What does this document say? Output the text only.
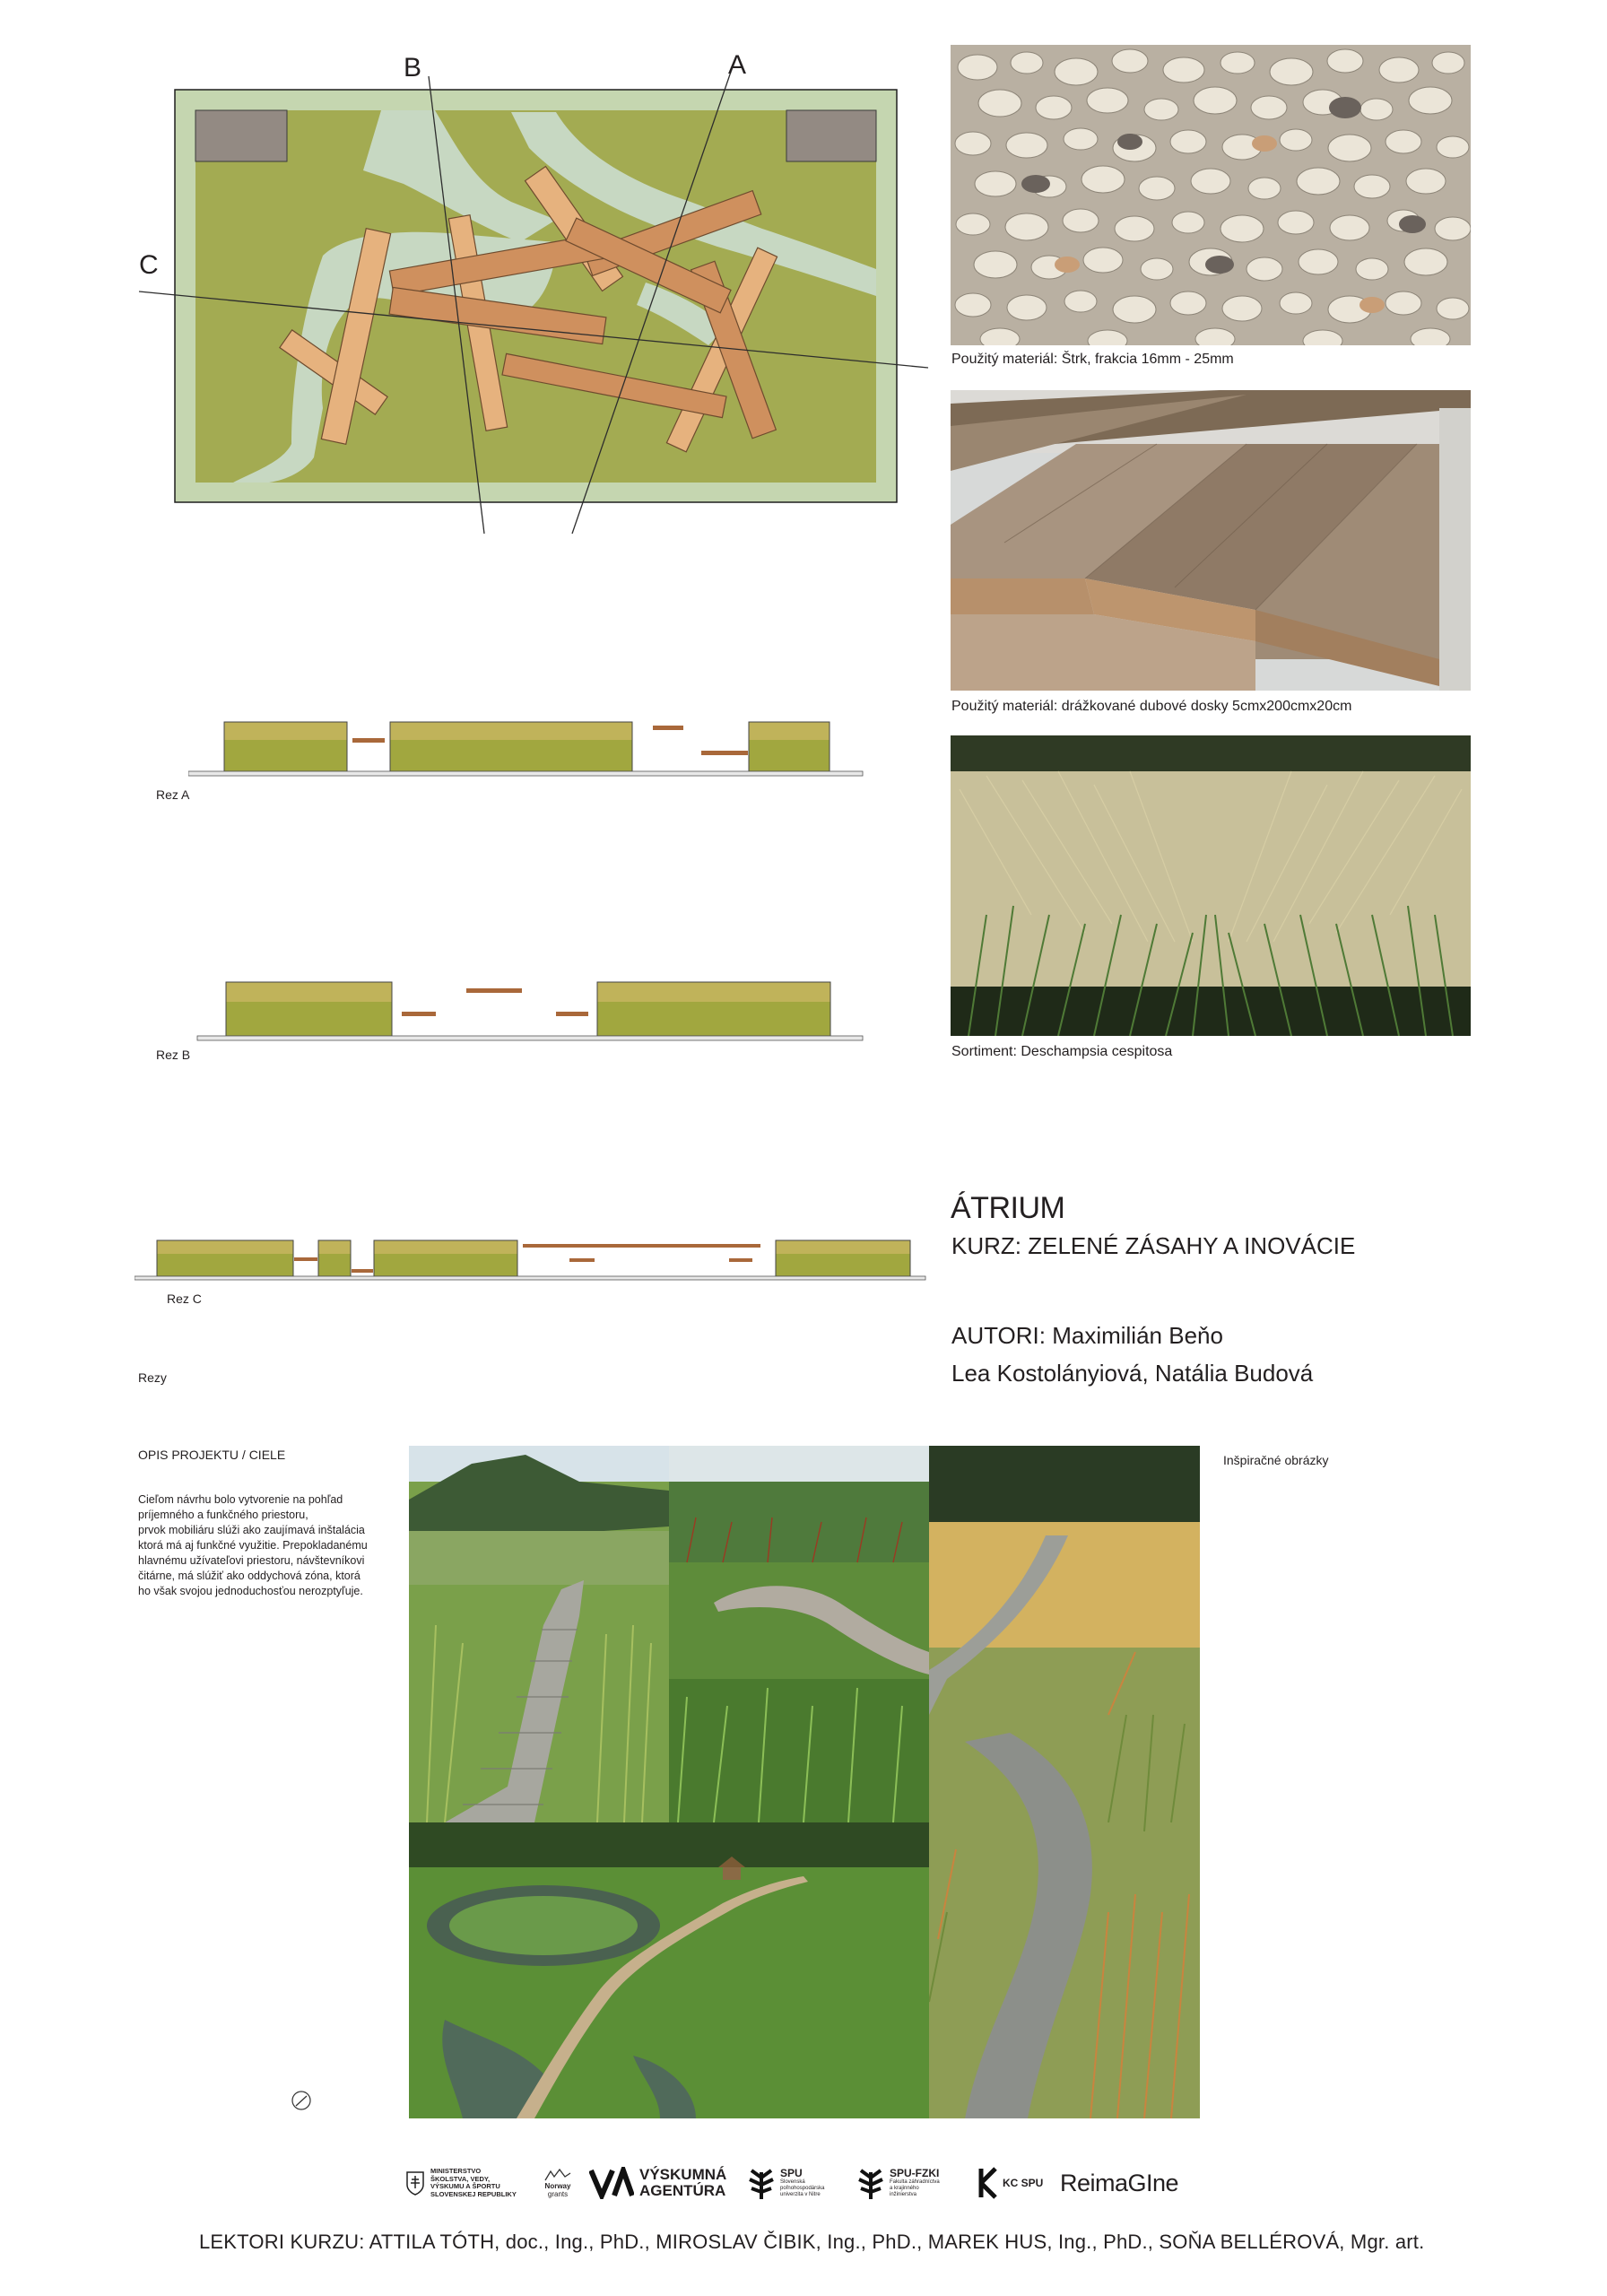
B	A
C
Rez A
Rez B
Rez C
Rezy
Použitý materiál: Štrk, frakcia 16mm - 25mm
Použitý materiál: drážkované dubové dosky 5cmx200cmx20cm
Sortiment: Deschampsia cespitosa
ÁTRIUM
KURZ: ZELENÉ ZÁSAHY A INOVÁCIE
AUTORI: Maximilián Beňo
Lea Kostolányiová, Natália Budová
OPIS PROJEKTU / CIELE
Cieľom návrhu bolo vytvorenie na pohľad
príjemného a funkčného priestoru,
prvok mobiliáru slúži ako zaujímavá inštalácia
ktorá má aj funkčné využitie. Prepokladanému
hlavnému užívateľovi priestoru, návštevníkovi
čitárne, má slúžiť ako oddychová zóna, ktorá
ho však svojou jednoduchosťou nerozptyľuje.
Inšpiračné obrázky
MINISTERSTVO
ŠKOLSTVA, VEDY,
VÝSKUMU A ŠPORTU
SLOVENSKEJ REPUBLIKY
Norway
grants
VÝSKUMNÁ
AGENTÚRA
SPU
Slovenská
poľnohospodárska
univerzita v Nitre
SPU-FZKI
Fakulta záhradníctva
a krajinného
inžinierstva
KC SPU ReimaGIne
LEKTORI KURZU: ATTILA TÓTH, doc., Ing., PhD., MIROSLAV ČIBIK, Ing., PhD., MAREK HUS, Ing., PhD., SOŇA BELLÉROVÁ, Mgr. art.
